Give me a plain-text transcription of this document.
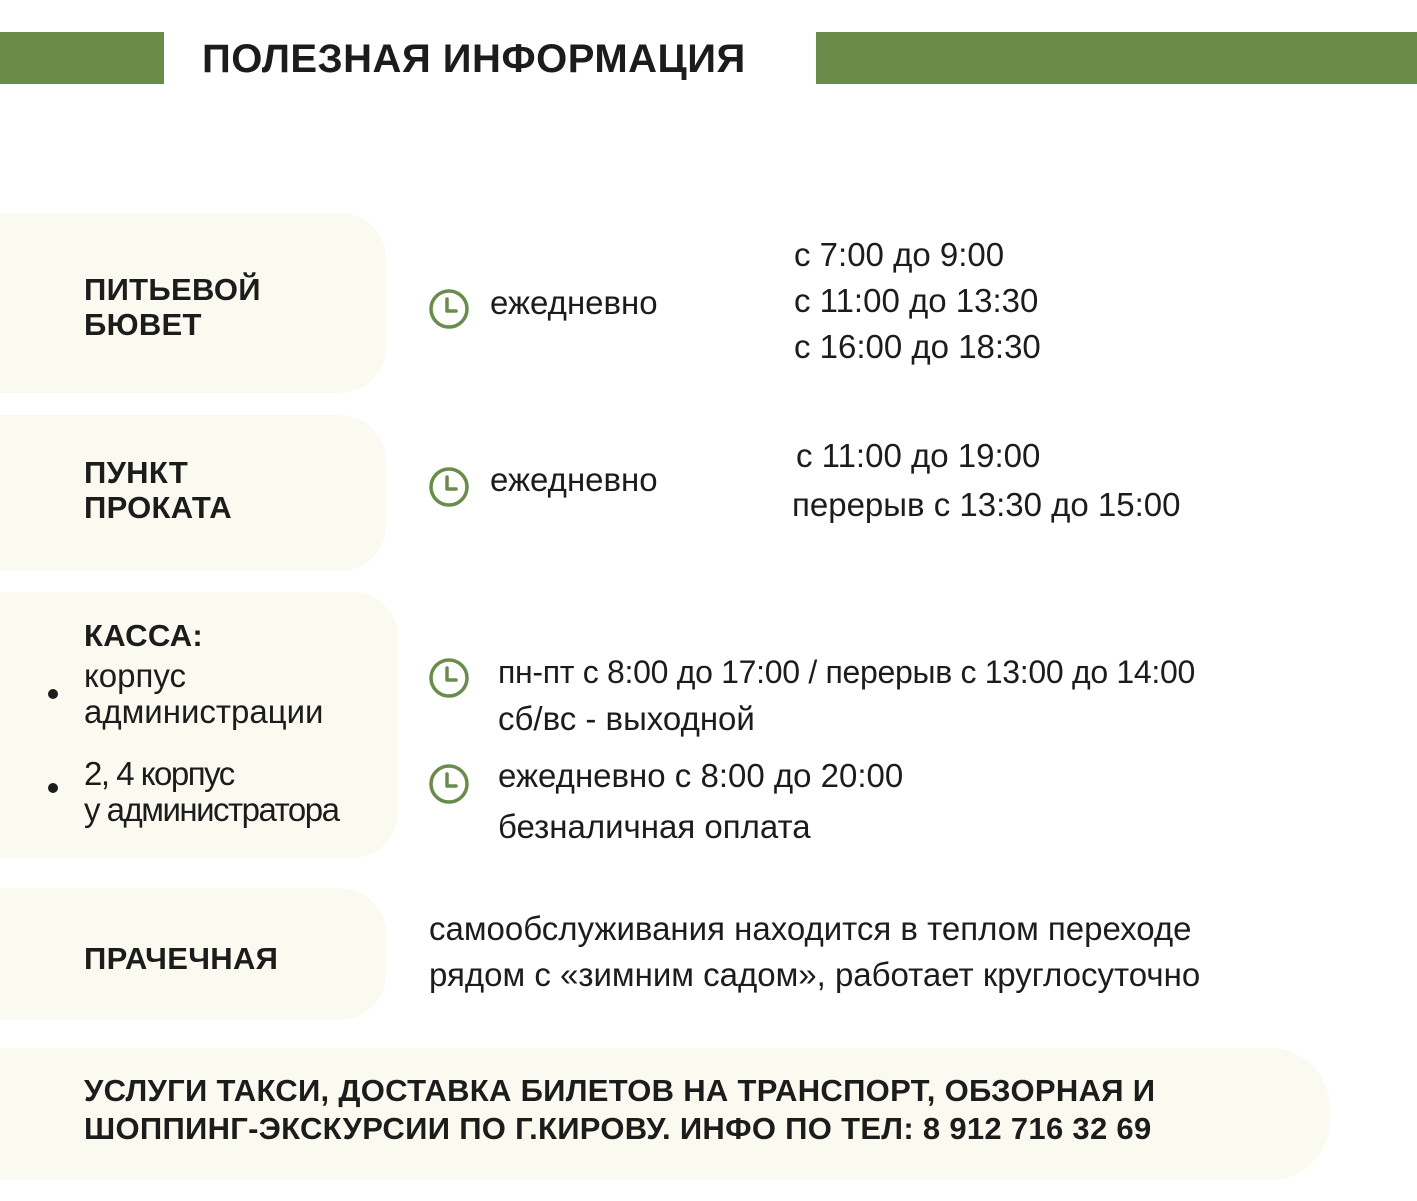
ПОЛЕЗНАЯ ИНФОРМАЦИЯ
ПИТЬЕВОЙ
БЮВЕТ
ежедневно
с 7:00 до 9:00
с 11:00 до 13:30
с 16:00 до 18:30
ПУНКТ
ПРОКАТА
ежедневно
с 11:00 до 19:00
перерыв с 13:30 до 15:00
КАССА:
корпус
администрации
2, 4 корпус
у администратора
пн-пт с 8:00 до 17:00 / перерыв с 13:00 до 14:00
сб/вс - выходной
ежедневно с 8:00 до 20:00
безналичная оплата
ПРАЧЕЧНАЯ
самообслуживания находится в теплом переходе
рядом с «зимним садом», работает круглосуточно
УСЛУГИ ТАКСИ, ДОСТАВКА БИЛЕТОВ НА ТРАНСПОРТ, ОБЗОРНАЯ И
ШОППИНГ-ЭКСКУРСИИ ПО Г.КИРОВУ. ИНФО ПО ТЕЛ: 8 912 716 32 69
